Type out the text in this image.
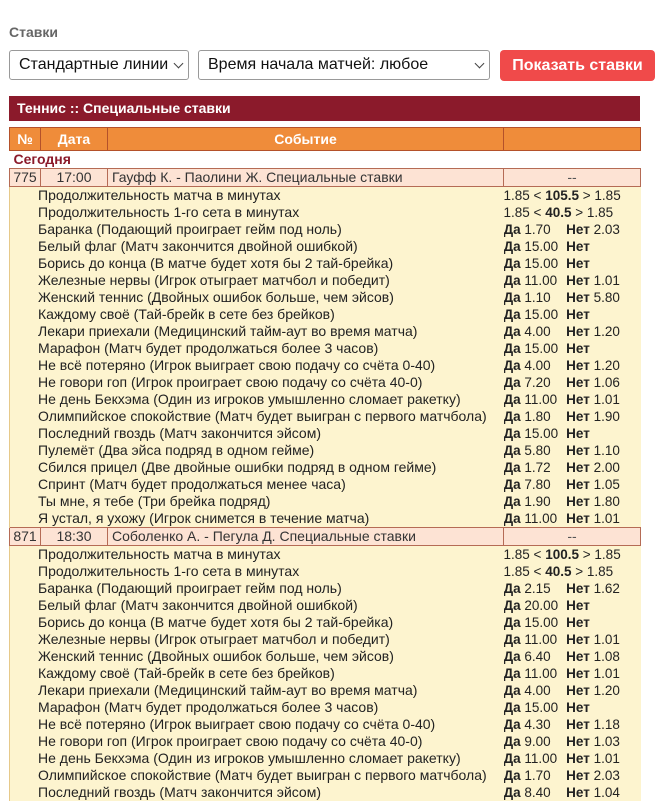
Ставки
Стандартные линии	Время начала матчей: любое	Показать ставки
Теннис :: Специальные ставки
№	Дата	Событие	
Сегодня			
775	17:00	Гауфф К. - Паолини Ж. Специальные ставки	--
Продолжительность матча в минутах			1.85 < 105.5 > 1.85
Продолжительность 1-го сета в минутах			1.85 < 40.5 > 1.85
Баранка (Подающий проиграет гейм под ноль)			Да 1.70 Нет 2.03
Белый флаг (Матч закончится двойной ошибкой)			Да 15.00 Нет
Борись до конца (В матче будет хотя бы 2 тай-брейка)			Да 15.00 Нет
Железные нервы (Игрок отыграет матчбол и победит)			Да 11.00 Нет 1.01
Женский теннис (Двойных ошибок больше, чем эйсов)			Да 1.10 Нет 5.80
Каждому своё (Тай-брейк в сете без брейков)			Да 15.00 Нет
Лекари приехали (Медицинский тайм-аут во время матча)			Да 4.00 Нет 1.20
Марафон (Матч будет продолжаться более 3 часов)			Да 15.00 Нет
Не всё потеряно (Игрок выиграет свою подачу со счёта 0-40)			Да 4.00 Нет 1.20
Не говори гоп (Игрок проиграет свою подачу со счёта 40-0)			Да 7.20 Нет 1.06
Не день Бекхэма (Один из игроков умышленно сломает ракетку)			Да 11.00 Нет 1.01
Олимпийское спокойствие (Матч будет выигран с первого матчбола)			Да 1.80 Нет 1.90
Последний гвоздь (Матч закончится эйсом)			Да 15.00 Нет
Пулемёт (Два эйса подряд в одном гейме)			Да 5.80 Нет 1.10
Сбился прицел (Две двойные ошибки подряд в одном гейме)			Да 1.72 Нет 2.00
Спринт (Матч будет продолжаться менее часа)			Да 7.80 Нет 1.05
Ты мне, я тебе (Три брейка подряд)			Да 1.90 Нет 1.80
Я устал, я ухожу (Игрок снимется в течение матча)			Да 11.00 Нет 1.01
871	18:30	Соболенко А. - Пегула Д. Специальные ставки	--
Продолжительность матча в минутах			1.85 < 100.5 > 1.85
Продолжительность 1-го сета в минутах			1.85 < 40.5 > 1.85
Баранка (Подающий проиграет гейм под ноль)			Да 2.15 Нет 1.62
Белый флаг (Матч закончится двойной ошибкой)			Да 20.00 Нет
Борись до конца (В матче будет хотя бы 2 тай-брейка)			Да 15.00 Нет
Железные нервы (Игрок отыграет матчбол и победит)			Да 11.00 Нет 1.01
Женский теннис (Двойных ошибок больше, чем эйсов)			Да 6.40 Нет 1.08
Каждому своё (Тай-брейк в сете без брейков)			Да 11.00 Нет 1.01
Лекари приехали (Медицинский тайм-аут во время матча)			Да 4.00 Нет 1.20
Марафон (Матч будет продолжаться более 3 часов)			Да 15.00 Нет
Не всё потеряно (Игрок выиграет свою подачу со счёта 0-40)			Да 4.30 Нет 1.18
Не говори гоп (Игрок проиграет свою подачу со счёта 40-0)			Да 9.00 Нет 1.03
Не день Бекхэма (Один из игроков умышленно сломает ракетку)			Да 11.00 Нет 1.01
Олимпийское спокойствие (Матч будет выигран с первого матчбола)			Да 1.70 Нет 2.03
Последний гвоздь (Матч закончится эйсом)			Да 8.40 Нет 1.04
